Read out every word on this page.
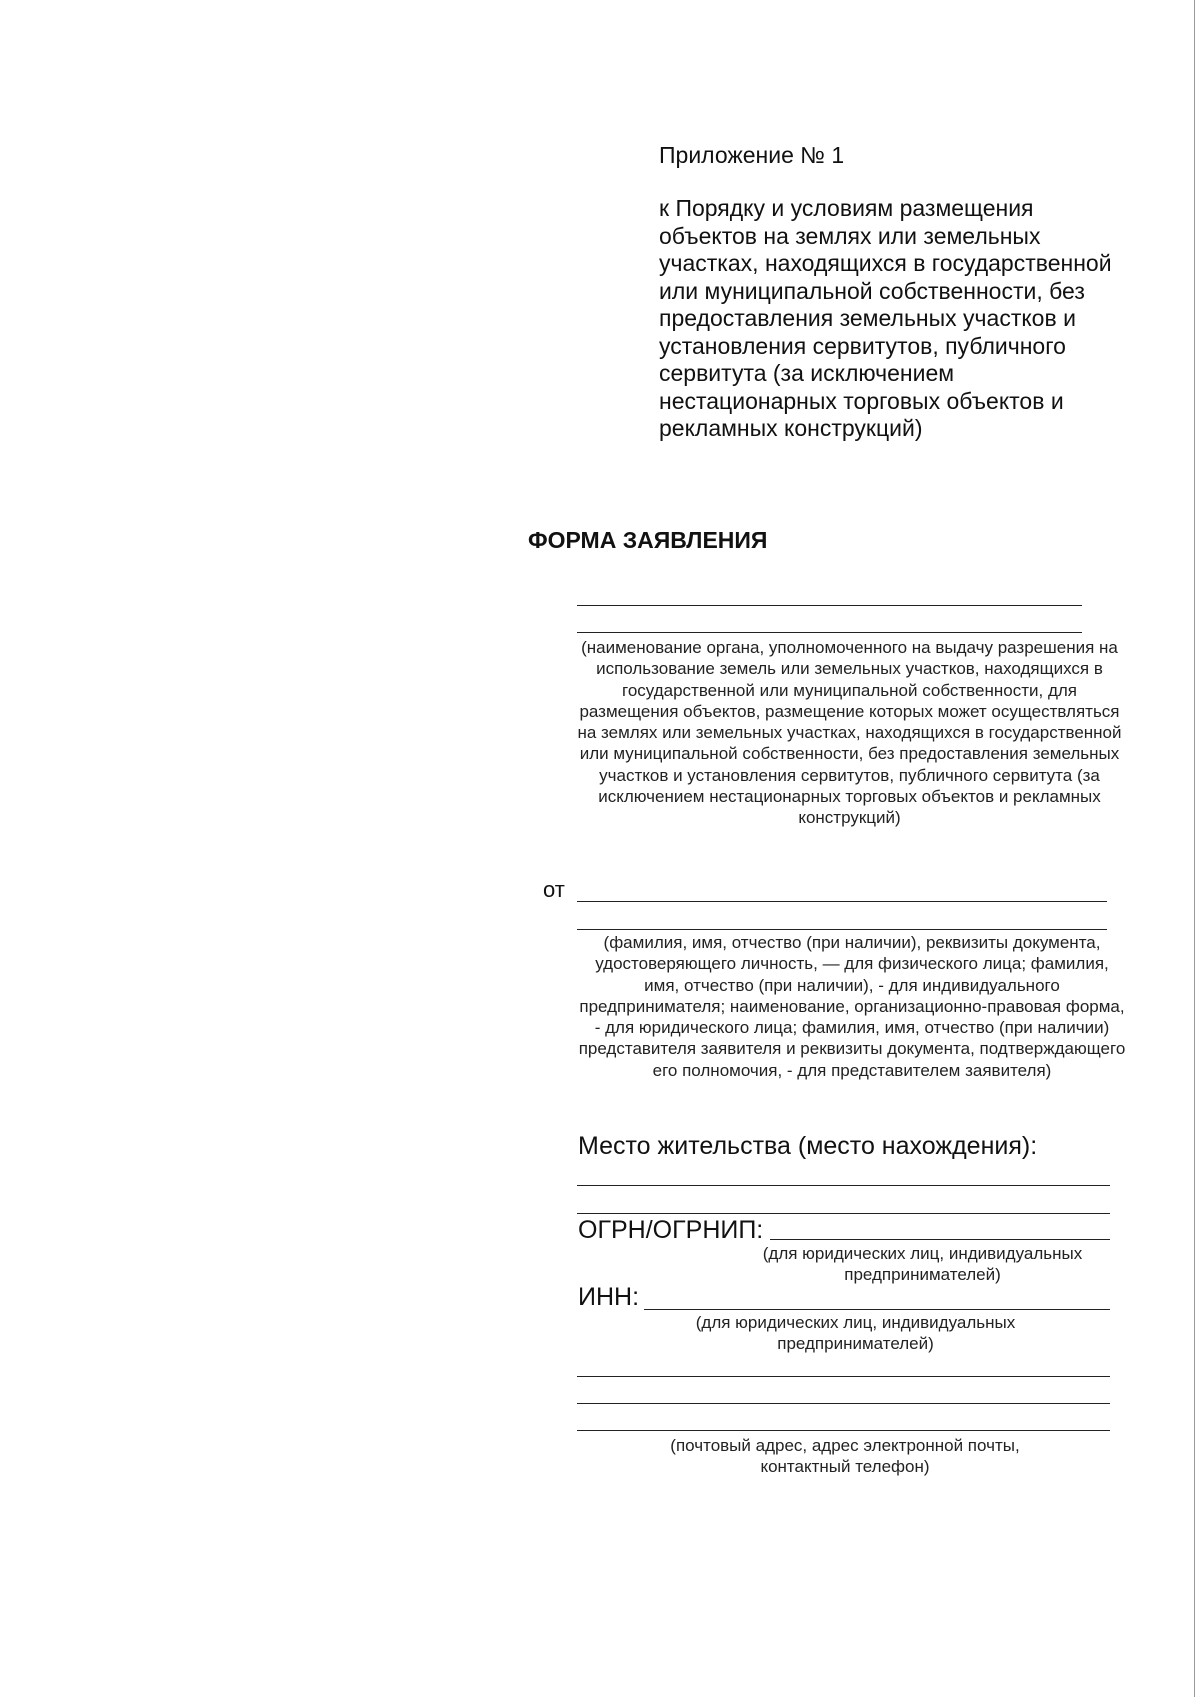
Приложение № 1
к Порядку и условиям размещения объектов на землях или земельных участках, находящихся в государственной или муниципальной собственности, без предоставления земельных участков и установления сервитутов, публичного сервитута (за исключением нестационарных торговых объектов и рекламных конструкций)
ФОРМА ЗАЯВЛЕНИЯ
(наименование органа, уполномоченного на выдачу разрешения на использование земель или земельных участков, находящихся в государственной или муниципальной собственности, для размещения объектов, размещение которых может осуществляться на землях или земельных участках, находящихся в государственной или муниципальной собственности, без предоставления земельных участков и установления сервитутов, публичного сервитута (за исключением нестационарных торговых объектов и рекламных конструкций)
от
(фамилия, имя, отчество (при наличии), реквизиты документа, удостоверяющего личность, — для физического лица; фамилия, имя, отчество (при наличии), - для индивидуального предпринимателя; наименование, организационно-правовая форма, - для юридического лица; фамилия, имя, отчество (при наличии) представителя заявителя и реквизиты документа, подтверждающего его полномочия, - для представителем заявителя)
Место жительства (место нахождения):
ОГРН/ОГРНИП:
(для юридических лиц, индивидуальных предпринимателей)
ИНН:
(для юридических лиц, индивидуальных предпринимателей)
(почтовый адрес, адрес электронной почты, контактный телефон)
